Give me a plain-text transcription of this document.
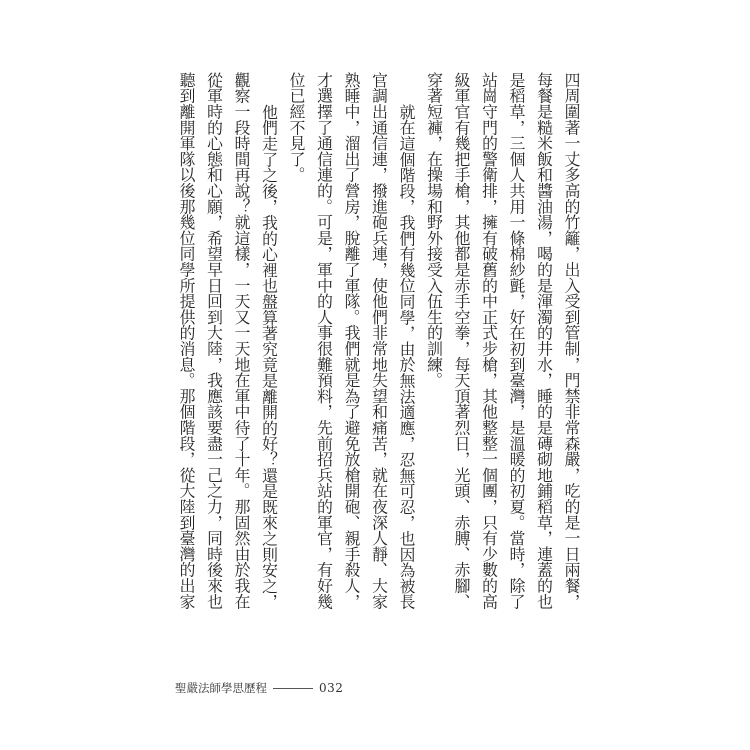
四周圍著一丈多高的竹籬，出入受到管制，門禁非常森嚴，吃的是一日兩餐，
每餐是糙米飯和醬油湯，喝的是渾濁的井水，睡的是磚砌地鋪稻草，連蓋的也
是稻草，三個人共用一條棉紗氈，好在初到臺灣，是溫暖的初夏。當時，除了
站崗守門的警衛排，擁有破舊的中正式步槍，其他整整一個團，只有少數的高
級軍官有幾把手槍，其他都是赤手空拳，每天頂著烈日，光頭、赤膊、赤腳、
穿著短褲，在操場和野外接受入伍生的訓練。
就在這個階段，我們有幾位同學，由於無法適應，忍無可忍，也因為被長
官調出通信連，撥進砲兵連，使他們非常地失望和痛苦，就在夜深人靜、大家
熟睡中，溜出了營房，脫離了軍隊。我們就是為了避免放槍開砲、親手殺人，
才選擇了通信連的。可是，軍中的人事很難預料，先前招兵站的軍官，有好幾
位已經不見了。
他們走了之後，我的心裡也盤算著究竟是離開的好？還是既來之則安之，
觀察一段時間再說？就這樣，一天又一天地在軍中待了十年。那固然由於我在
從軍時的心態和心願，希望早日回到大陸，我應該要盡一己之力，同時後來也
聽到離開軍隊以後那幾位同學所提供的消息。那個階段，從大陸到臺灣的出家
聖嚴法師學思歷程	032
